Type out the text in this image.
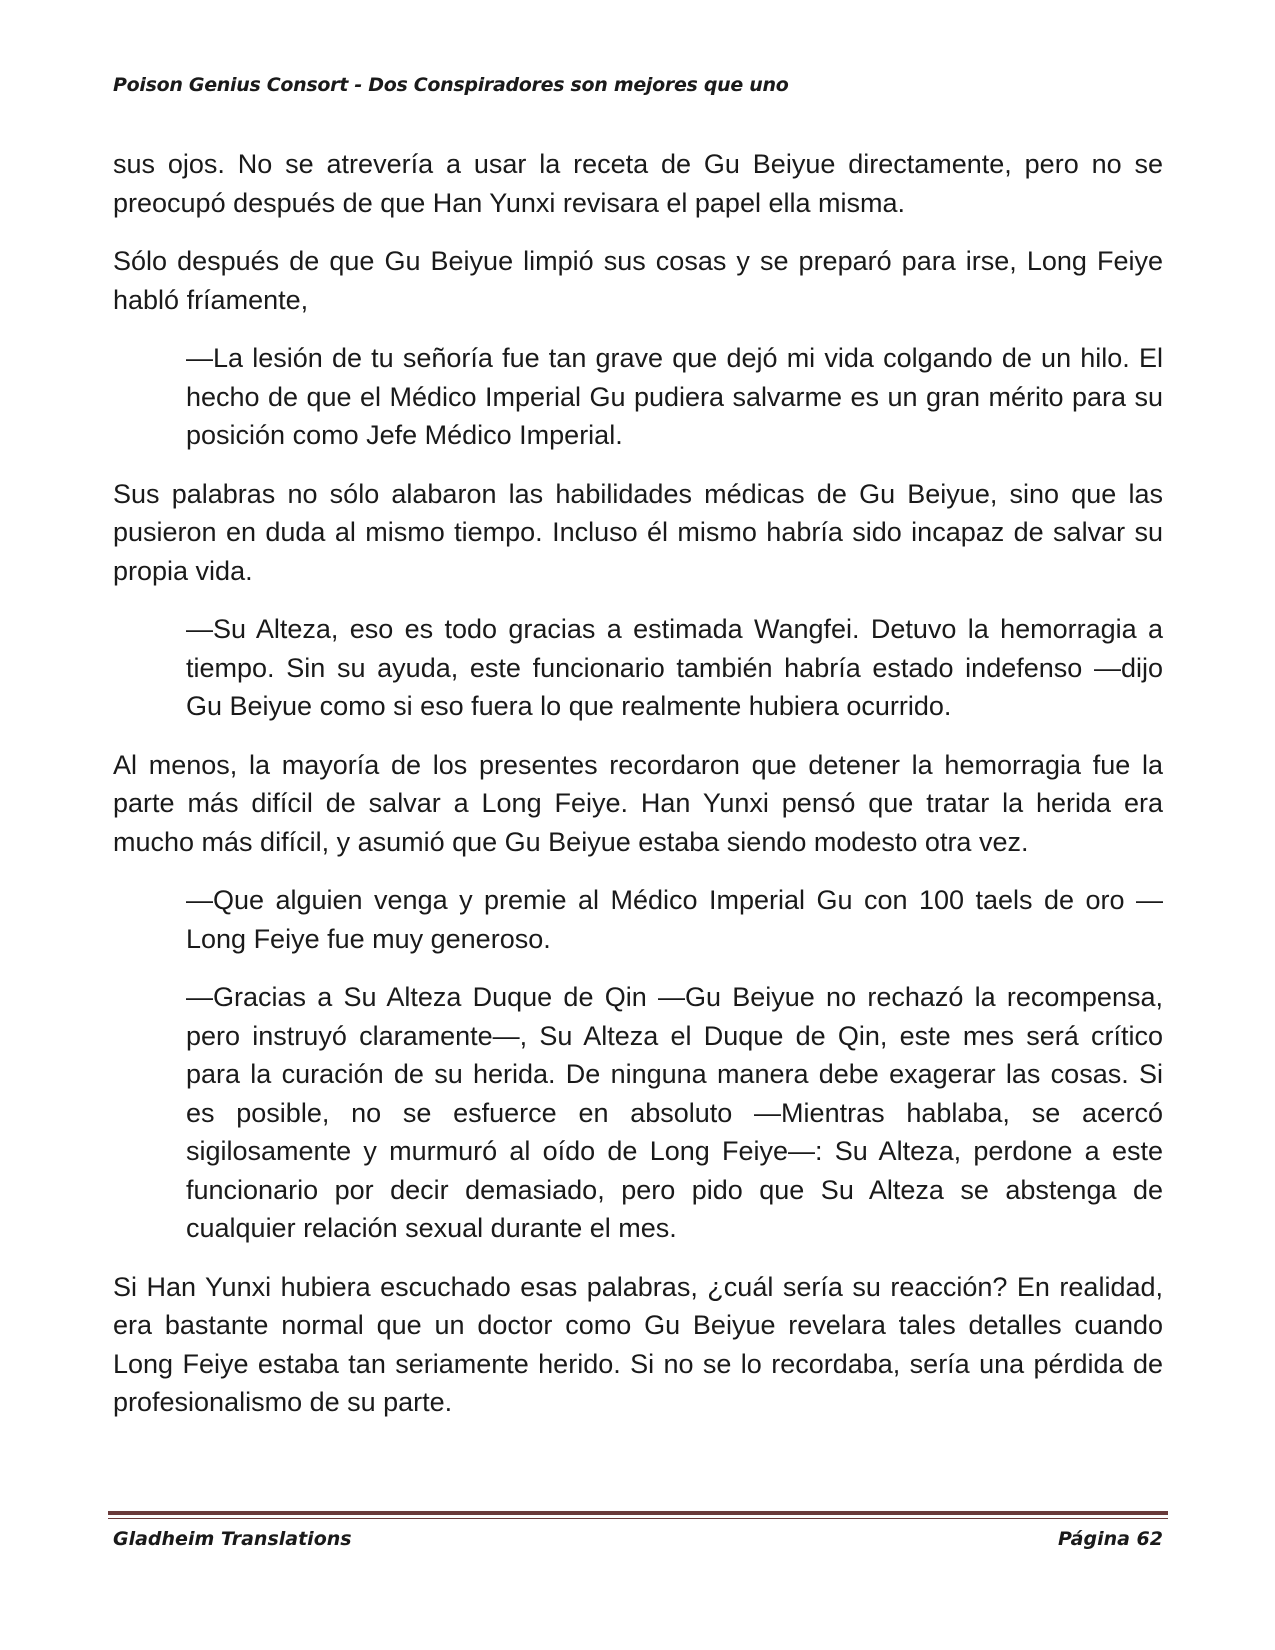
Poison Genius Consort - Dos Conspiradores son mejores que uno

sus ojos. No se atrevería a usar la receta de Gu Beiyue directamente, pero no se preocupó después de que Han Yunxi revisara el papel ella misma.

Sólo después de que Gu Beiyue limpió sus cosas y se preparó para irse, Long Feiye habló fríamente,

—La lesión de tu señoría fue tan grave que dejó mi vida colgando de un hilo. El hecho de que el Médico Imperial Gu pudiera salvarme es un gran mérito para su posición como Jefe Médico Imperial.

Sus palabras no sólo alabaron las habilidades médicas de Gu Beiyue, sino que las pusieron en duda al mismo tiempo. Incluso él mismo habría sido incapaz de salvar su propia vida.

—Su Alteza, eso es todo gracias a estimada Wangfei. Detuvo la hemorragia a tiempo. Sin su ayuda, este funcionario también habría estado indefenso —dijo Gu Beiyue como si eso fuera lo que realmente hubiera ocurrido.

Al menos, la mayoría de los presentes recordaron que detener la hemorragia fue la parte más difícil de salvar a Long Feiye. Han Yunxi pensó que tratar la herida era mucho más difícil, y asumió que Gu Beiyue estaba siendo modesto otra vez.

—Que alguien venga y premie al Médico Imperial Gu con 100 taels de oro —Long Feiye fue muy generoso.

—Gracias a Su Alteza Duque de Qin —Gu Beiyue no rechazó la recompensa, pero instruyó claramente—, Su Alteza el Duque de Qin, este mes será crítico para la curación de su herida. De ninguna manera debe exagerar las cosas. Si es posible, no se esfuerce en absoluto —Mientras hablaba, se acercó sigilosamente y murmuró al oído de Long Feiye—: Su Alteza, perdone a este funcionario por decir demasiado, pero pido que Su Alteza se abstenga de cualquier relación sexual durante el mes.

Si Han Yunxi hubiera escuchado esas palabras, ¿cuál sería su reacción? En realidad, era bastante normal que un doctor como Gu Beiyue revelara tales detalles cuando Long Feiye estaba tan seriamente herido. Si no se lo recordaba, sería una pérdida de profesionalismo de su parte.

Gladheim Translations	Página 62
